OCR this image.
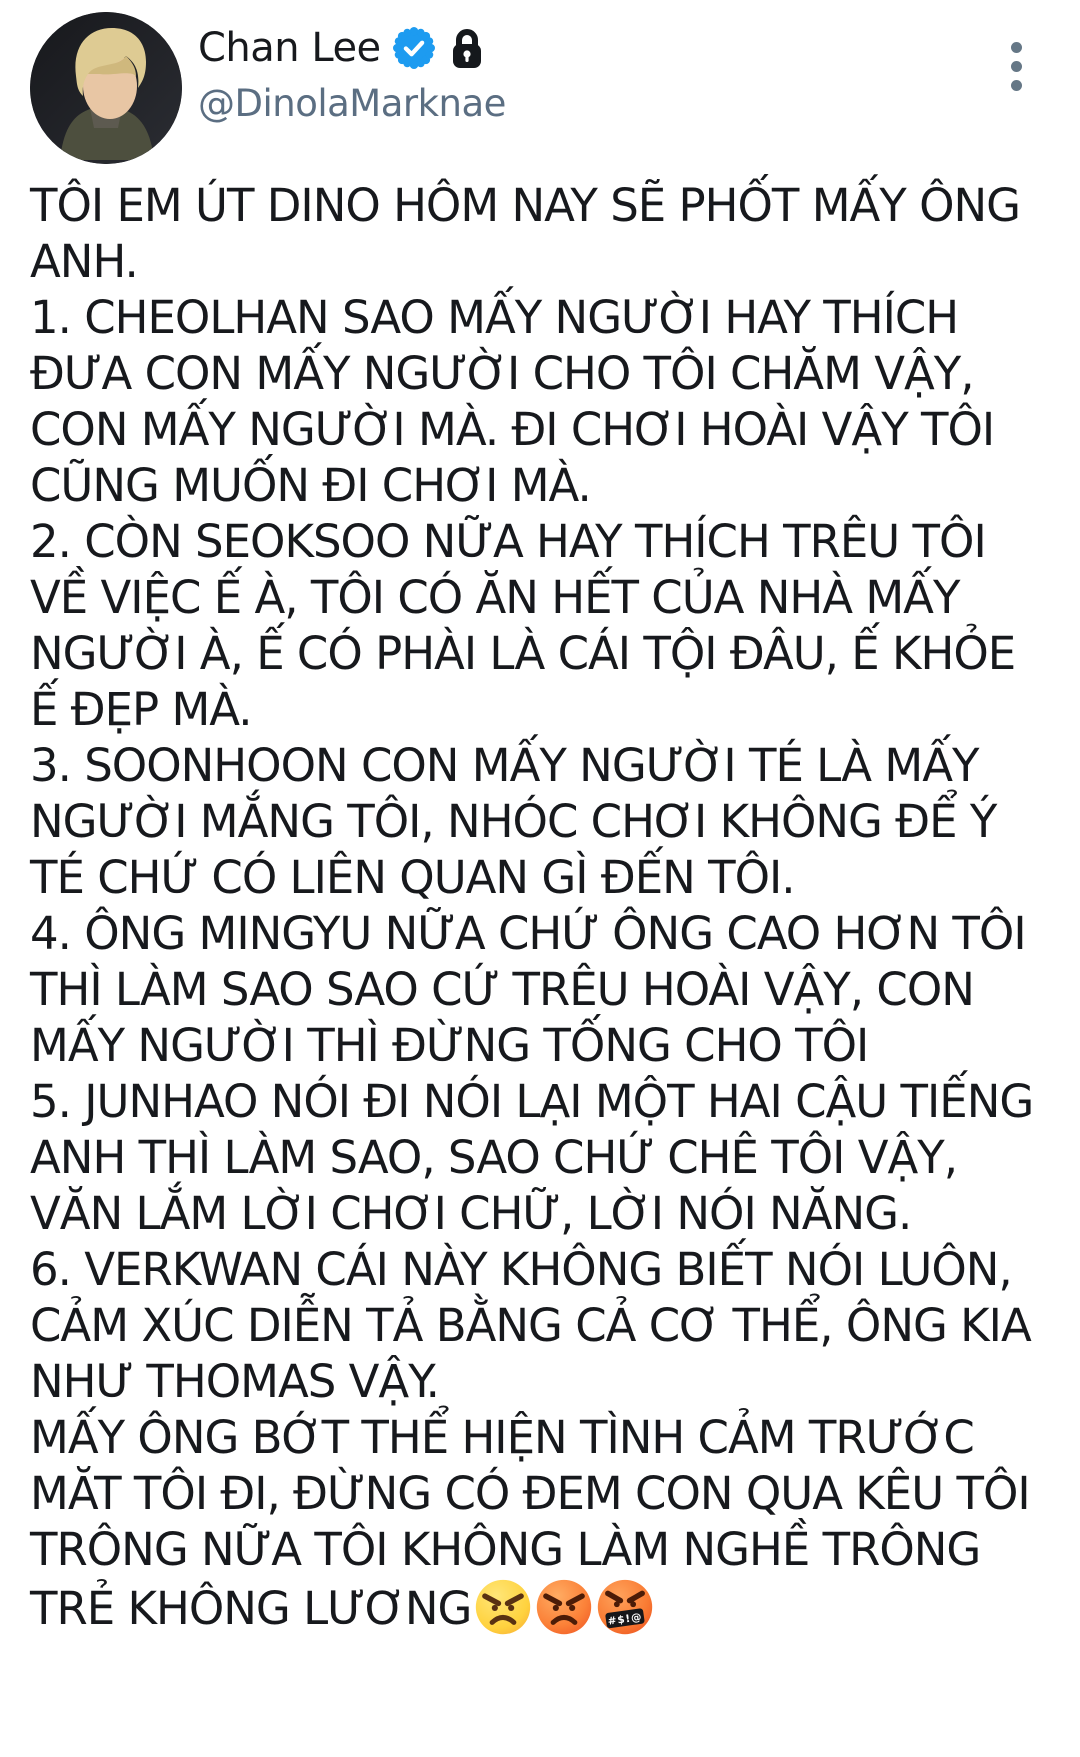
Chan Lee
@DinolaMarknae
TÔI EM ÚT DINO HÔM NAY SẼ PHỐT MẤY ÔNG ANH.
1. CHEOLHAN SAO MẤY NGƯỜI HAY THÍCH ĐƯA CON MẤY NGƯỜI CHO TÔI CHĂM VẬY, CON MẤY NGƯỜI MÀ. ĐI CHƠI HOÀI VẬY TÔI CŨNG MUỐN ĐI CHƠI MÀ.
2. CÒN SEOKSOO NỮA HAY THÍCH TRÊU TÔI VỀ VIỆC Ế À, TÔI CÓ ĂN HẾT CỦA NHÀ MẤY NGƯỜI À, Ế CÓ PHÀI LÀ CÁI TỘI ĐÂU, Ế KHỎE Ế ĐẸP MÀ.
3. SOONHOON CON MẤY NGƯỜI TÉ LÀ MẤY NGƯỜI MẮNG TÔI, NHÓC CHƠI KHÔNG ĐỂ Ý TÉ CHỨ CÓ LIÊN QUAN GÌ ĐẾN TÔI.
4. ÔNG MINGYU NỮA CHỨ ÔNG CAO HƠN TÔI THÌ LÀM SAO SAO CỨ TRÊU HOÀI VẬY, CON MẤY NGƯỜI THÌ ĐỪNG TỐNG CHO TÔI
5. JUNHAO NÓI ĐI NÓI LẠI MỘT HAI CẬU TIẾNG ANH THÌ LÀM SAO, SAO CHỨ CHÊ TÔI VẬY, VĂN LẮM LỜI CHƠI CHỮ, LỜI NÓI NĂNG.
6. VERKWAN CÁI NÀY KHÔNG BIẾT NÓI LUÔN, CẢM XÚC DIỄN TẢ BẰNG CẢ CƠ THỂ, ÔNG KIA NHƯ THOMAS VẬY.
MẤY ÔNG BỚT THỂ HIỆN TÌNH CẢM TRƯỚC MĂT TÔI ĐI, ĐỪNG CÓ ĐEM CON QUA KÊU TÔI TRÔNG NỮA TÔI KHÔNG LÀM NGHỀ TRÔNG TRẺ KHÔNG LƯƠNG	#$!@
